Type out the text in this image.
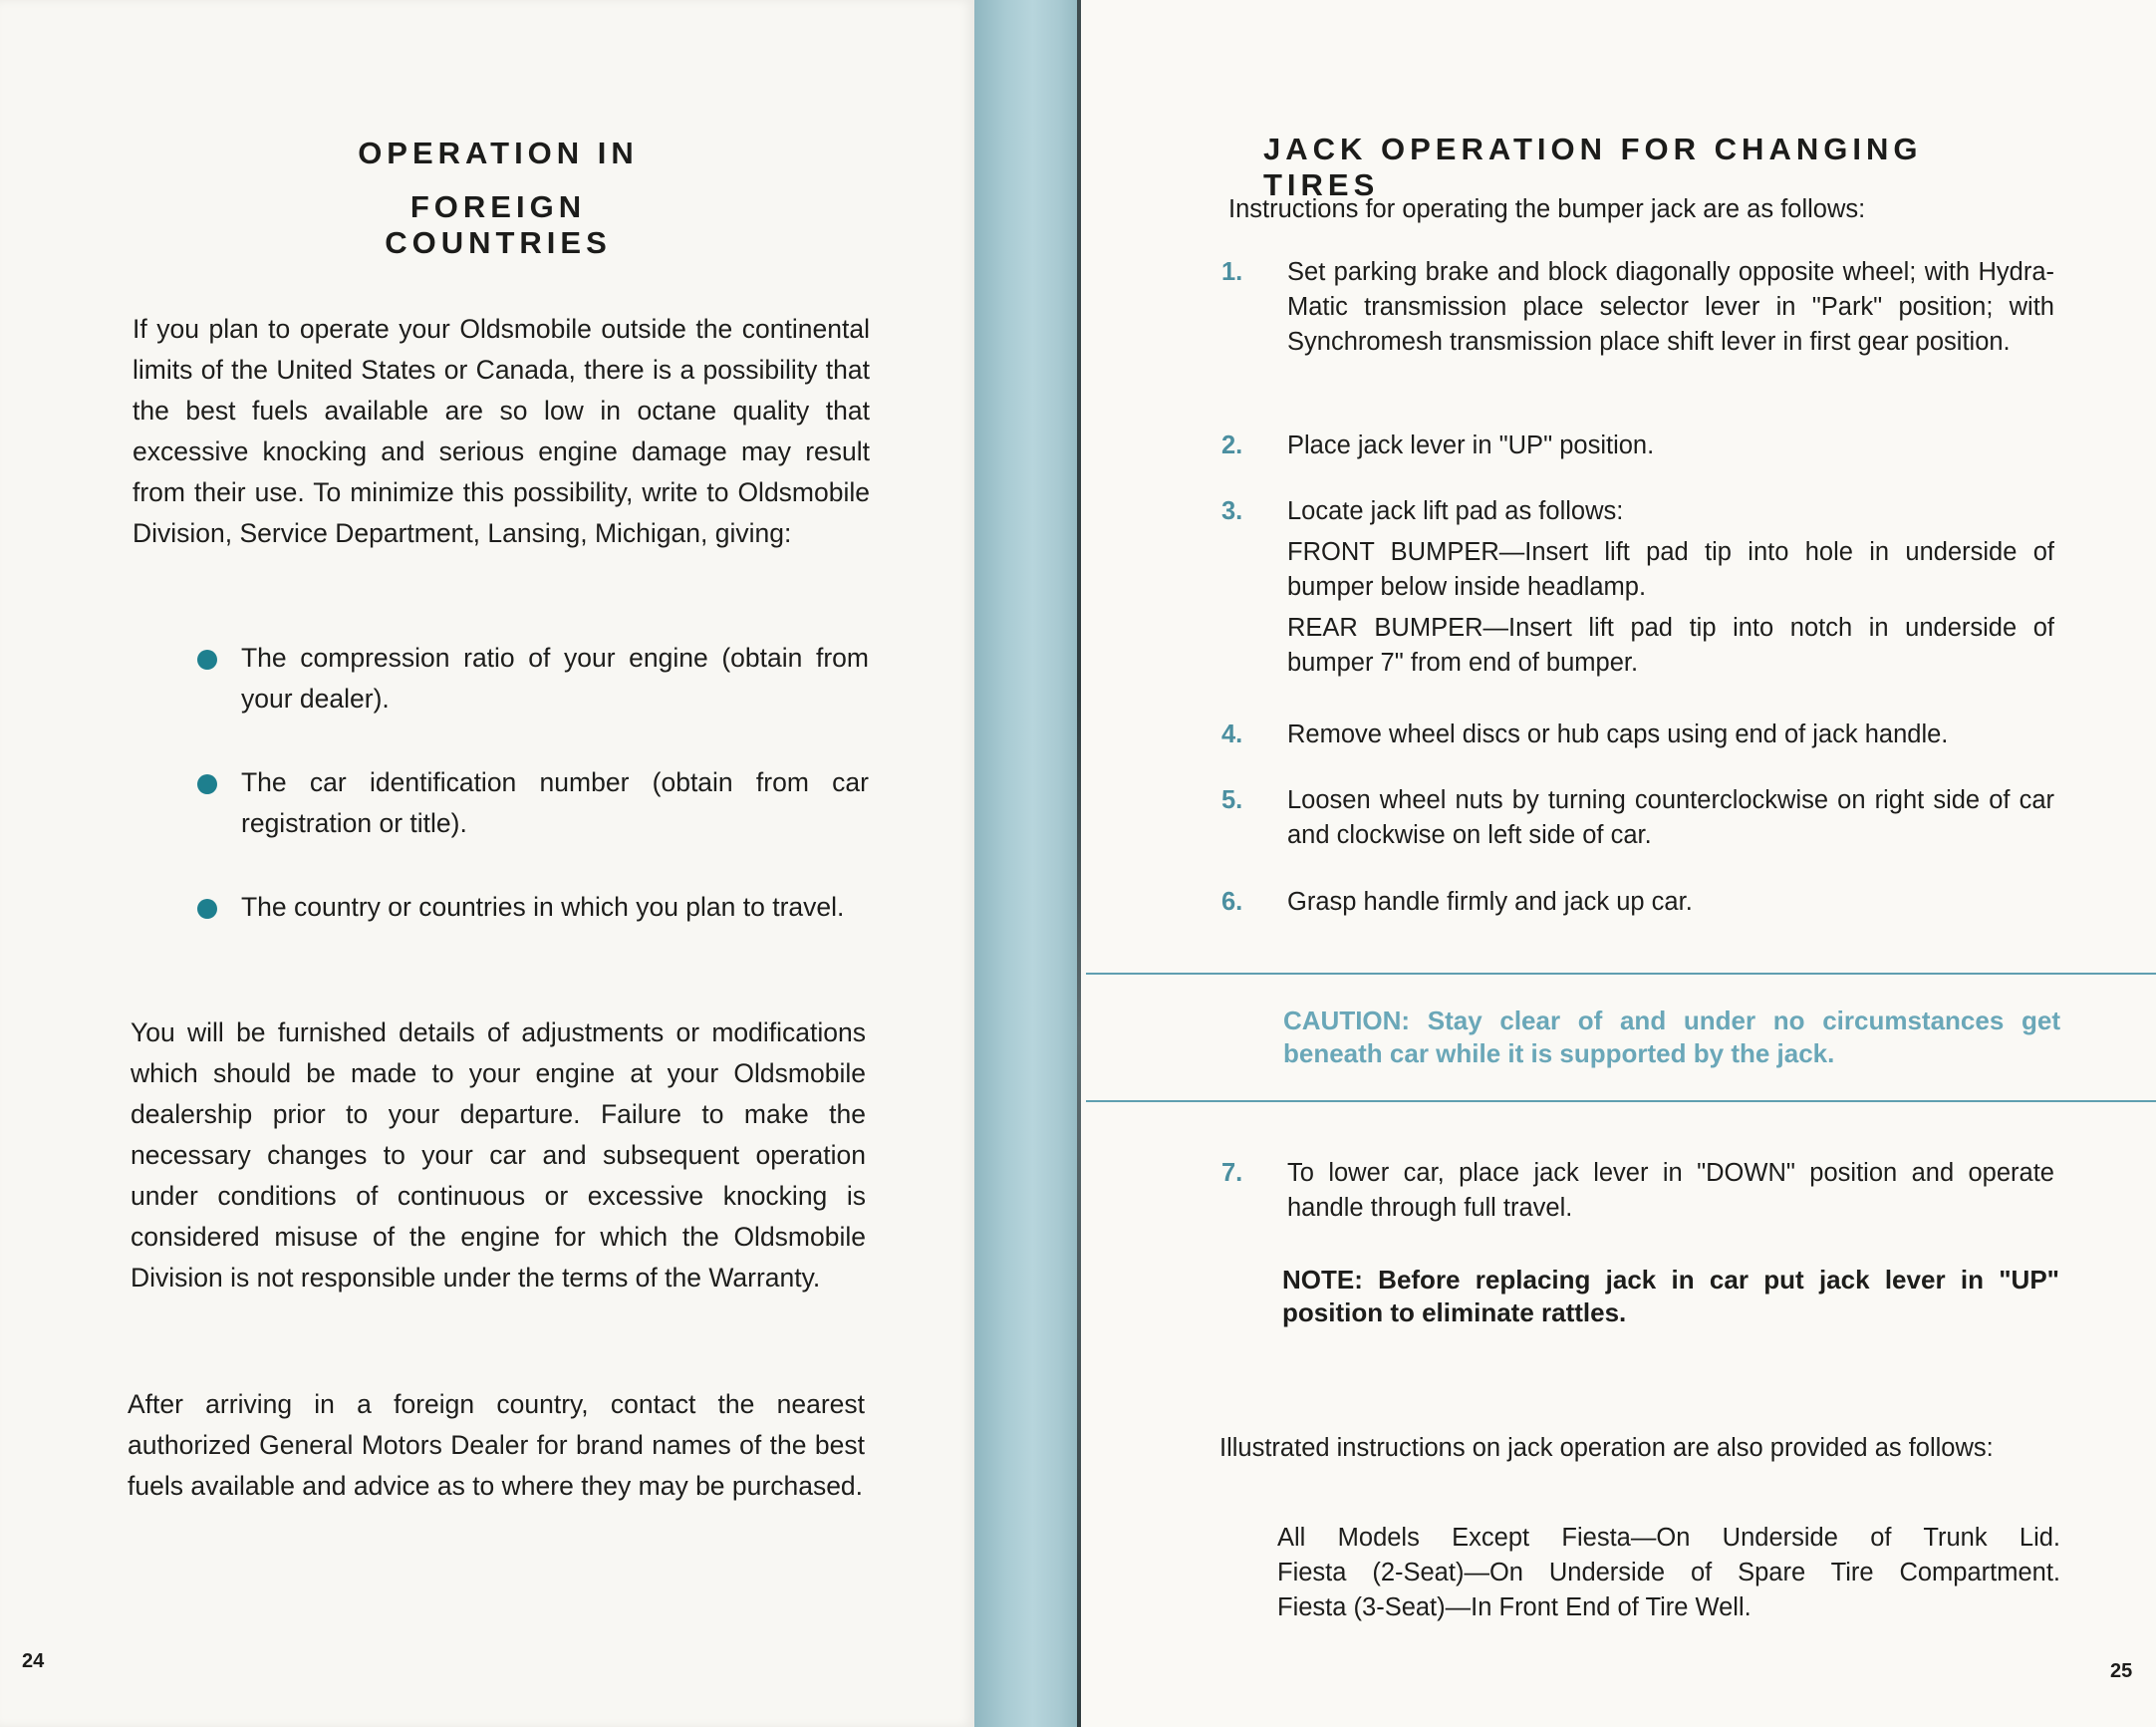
OPERATION IN
FOREIGN COUNTRIES
If you plan to operate your Oldsmobile outside the continental limits of the United States or Canada, there is a possibility that the best fuels available are so low in octane quality that excessive knocking and serious engine damage may result from their use. To minimize this possibility, write to Oldsmobile Division, Service Department, Lansing, Michigan, giving:
The compression ratio of your engine (obtain from your dealer).
The car identification number (obtain from car registration or title).
The country or countries in which you plan to travel.
You will be furnished details of adjustments or modifications which should be made to your engine at your Oldsmobile dealership prior to your departure. Failure to make the necessary changes to your car and subsequent operation under conditions of continuous or excessive knocking is considered misuse of the engine for which the Oldsmobile Division is not responsible under the terms of the Warranty.
After arriving in a foreign country, contact the nearest authorized General Motors Dealer for brand names of the best fuels available and advice as to where they may be purchased.
24
JACK OPERATION FOR CHANGING TIRES
Instructions for operating the bumper jack are as follows:
1.	Set parking brake and block diagonally opposite wheel; with Hydra-Matic transmission place selector lever in "Park" position; with Synchromesh transmission place shift lever in first gear position.
2.	Place jack lever in "UP" position.
3.	Locate jack lift pad as follows:
FRONT BUMPER—Insert lift pad tip into hole in underside of bumper below inside headlamp.
REAR BUMPER—Insert lift pad tip into notch in underside of bumper 7" from end of bumper.
4.	Remove wheel discs or hub caps using end of jack handle.
5.	Loosen wheel nuts by turning counterclockwise on right side of car and clockwise on left side of car.
6.	Grasp handle firmly and jack up car.
CAUTION: Stay clear of and under no circumstances get beneath car while it is supported by the jack.
7.	To lower car, place jack lever in "DOWN" position and operate handle through full travel.
NOTE: Before replacing jack in car put jack lever in "UP" position to eliminate rattles.
Illustrated instructions on jack operation are also provided as follows:
All Models Except Fiesta—On Underside of Trunk Lid.
Fiesta (2-Seat)—On Underside of Spare Tire Compartment.
Fiesta (3-Seat)—In Front End of Tire Well.
25
